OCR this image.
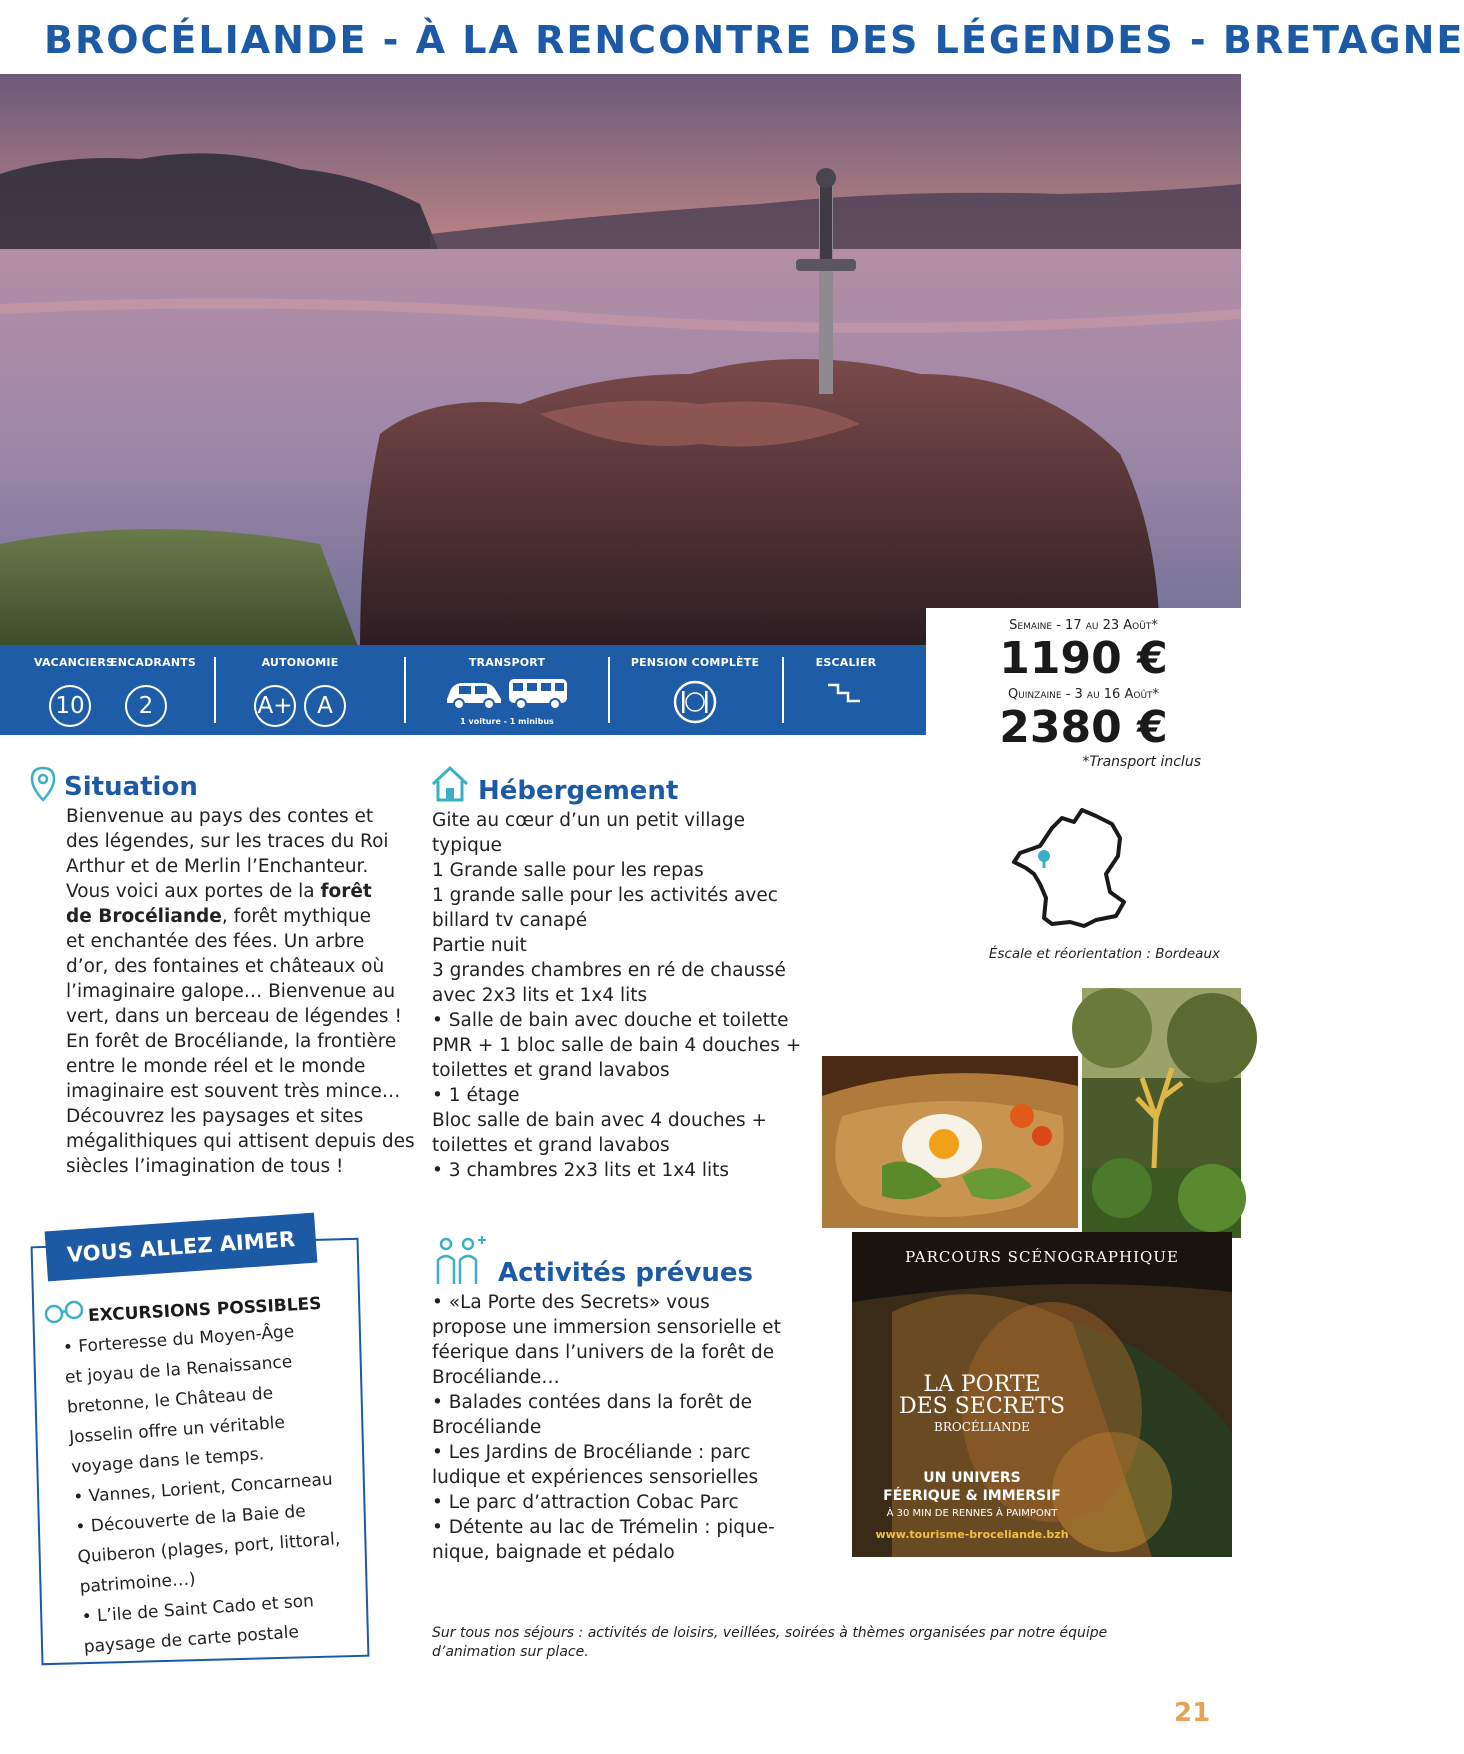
BROCÉLIANDE - À LA RENCONTRE DES LÉGENDES - BRETAGNE
VACANCIERS
10
ENCADRANTS
2
AUTONOMIE
A+ A
TRANSPORT
1 voiture - 1 minibus
PENSION COMPLÈTE	ESCALIER
Semaine - 17 au 23 Août*
1190 €
Quinzaine - 3 au 16 Août*
2380 €
*Transport inclus
Éscale et réorientation : Bordeaux
Situation
Bienvenue au pays des contes et
des légendes, sur les traces du Roi
Arthur et de Merlin l’Enchanteur.
Vous voici aux portes de la forêt
de Brocéliande, forêt mythique
et enchantée des fées. Un arbre
d’or, des fontaines et châteaux où
l’imaginaire galope… Bienvenue au
vert, dans un berceau de légendes !
En forêt de Brocéliande, la frontière
entre le monde réel et le monde
imaginaire est souvent très mince…
Découvrez les paysages et sites
mégalithiques qui attisent depuis des
siècles l’imagination de tous !
Hébergement
Gite au cœur d’un un petit village
typique
1 Grande salle pour les repas
1 grande salle pour les activités avec
billard tv canapé
Partie nuit
3 grandes chambres en ré de chaussé
avec 2x3 lits et 1x4 lits
• Salle de bain avec douche et toilette
PMR + 1 bloc salle de bain 4 douches +
toilettes et grand lavabos
• 1 étage
Bloc salle de bain avec 4 douches +
toilettes et grand lavabos
• 3 chambres 2x3 lits et 1x4 lits
Activités prévues
• «La Porte des Secrets» vous
propose une immersion sensorielle et
féerique dans l’univers de la forêt de
Brocéliande…
• Balades contées dans la forêt de
Brocéliande
• Les Jardins de Brocéliande : parc
ludique et expériences sensorielles
• Le parc d’attraction Cobac Parc
• Détente au lac de Trémelin : pique-
nique, baignade et pédalo
PARCOURS SCÉNOGRAPHIQUE
LA PORTE
DES SECRETS
BROCÉLIANDE
UN UNIVERS
FÉERIQUE & IMMERSIF
À 30 MIN DE RENNES À PAIMPONT
www.tourisme-broceliande.bzh
VOUS ALLEZ AIMER
EXCURSIONS POSSIBLES
• Forteresse du Moyen-Âge
et joyau de la Renaissance
bretonne, le Château de
Josselin offre un véritable
voyage dans le temps.
• Vannes, Lorient, Concarneau
• Découverte de la Baie de
Quiberon (plages, port, littoral,
patrimoine…)
• L’ile de Saint Cado et son
paysage de carte postale	Sur tous nos séjours : activités de loisirs, veillées, soirées à thèmes organisées par notre équipe d’animation sur place.
21
